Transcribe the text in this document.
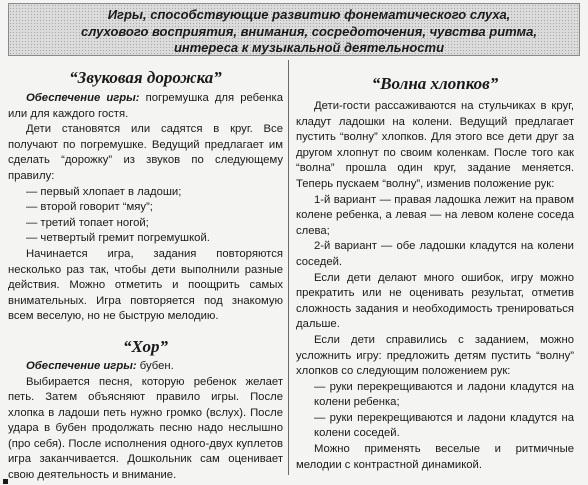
Игры, способствующие развитию фонематического слуха,
слухового восприятия, внимания, сосредоточения, чувства ритма,
интереса к музыкальной деятельности
“Звуковая дорожка”

Обеспечение игры: погремушка для ребенка или для каждого гостя.

Дети становятся или садятся в круг. Все получают по погремушке. Ведущий предлагает им сделать “дорожку” из звуков по следующему правилу:

— первый хлопает в ладоши;

— второй говорит “мяу”;

— третий топает ногой;

— четвертый гремит погремушкой.

Начинается игра, задания повторяются несколько раз так, чтобы дети выполнили разные действия. Можно отметить и поощрить самых внимательных. Игра повторяется под знакомую всем веселую, но не быструю мелодию.

“Хор”

Обеспечение игры: бубен.

Выбирается песня, которую ребенок желает петь. Затем объясняют правило игры. После хлопка в ладоши петь нужно громко (вслух). После удара в бубен продолжать песню надо неслышно (про себя). После исполнения одного-двух куплетов игра заканчивается. Дошкольник сам оценивает свою деятельность и внимание.

“Волна хлопков”

Дети-гости рассаживаются на стульчиках в круг, кладут ладошки на колени. Ведущий предлагает пустить “волну” хлопков. Для этого все дети друг за другом хлопнут по своим коленкам. После того как “волна” прошла один круг, задание меняется. Теперь пускаем “волну”, изменив положение рук:

1-й вариант — правая ладошка лежит на правом колене ребенка, а левая — на левом колене соседа слева;

2-й вариант — обе ладошки кладутся на колени соседей.

Если дети делают много ошибок, игру можно прекратить или не оценивать результат, отметив сложность задания и необходимость тренироваться дальше.

Если дети справились с заданием, можно усложнить игру: предложить детям пустить “волну” хлопков со следующим положением рук:

— руки перекрещиваются и ладони кладутся на колени ребенка;

— руки перекрещиваются и ладони кладутся на колени соседей.

Можно применять веселые и ритмичные мелодии с контрастной динамикой.
